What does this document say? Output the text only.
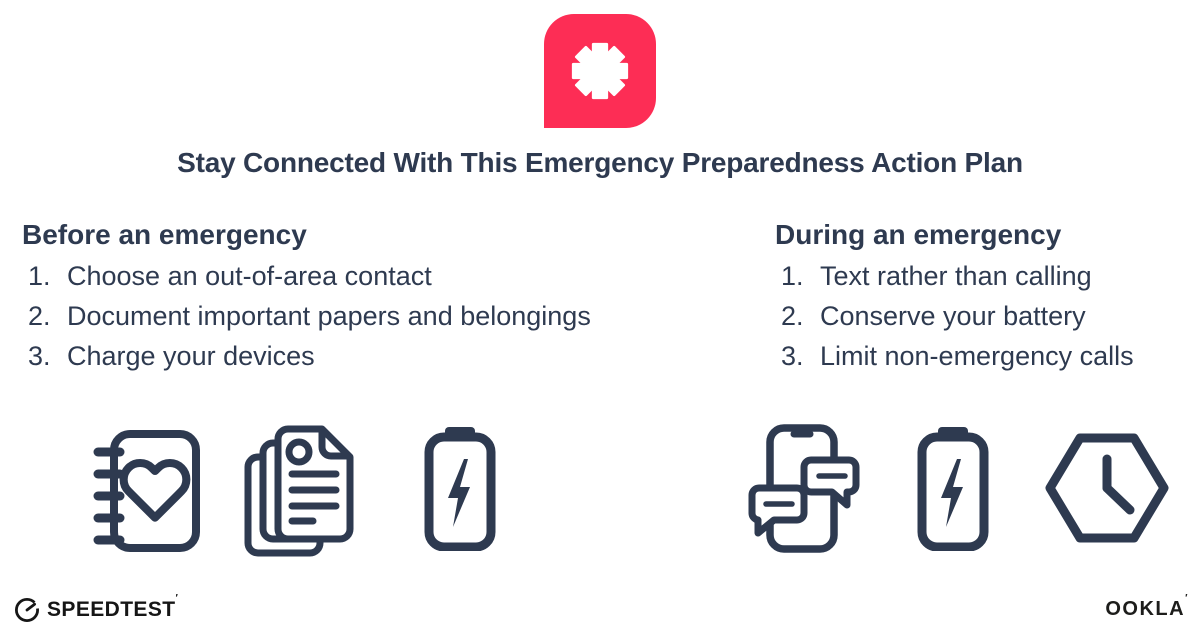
Stay Connected With This Emergency Preparedness Action Plan
Before an emergency
1. Choose an out-of-area contact
2. Document important papers and belongings
3. Charge your devices
During an emergency
1. Text rather than calling
2. Conserve your battery
3. Limit non-emergency calls
SPEEDTEST′	OOKLA′
